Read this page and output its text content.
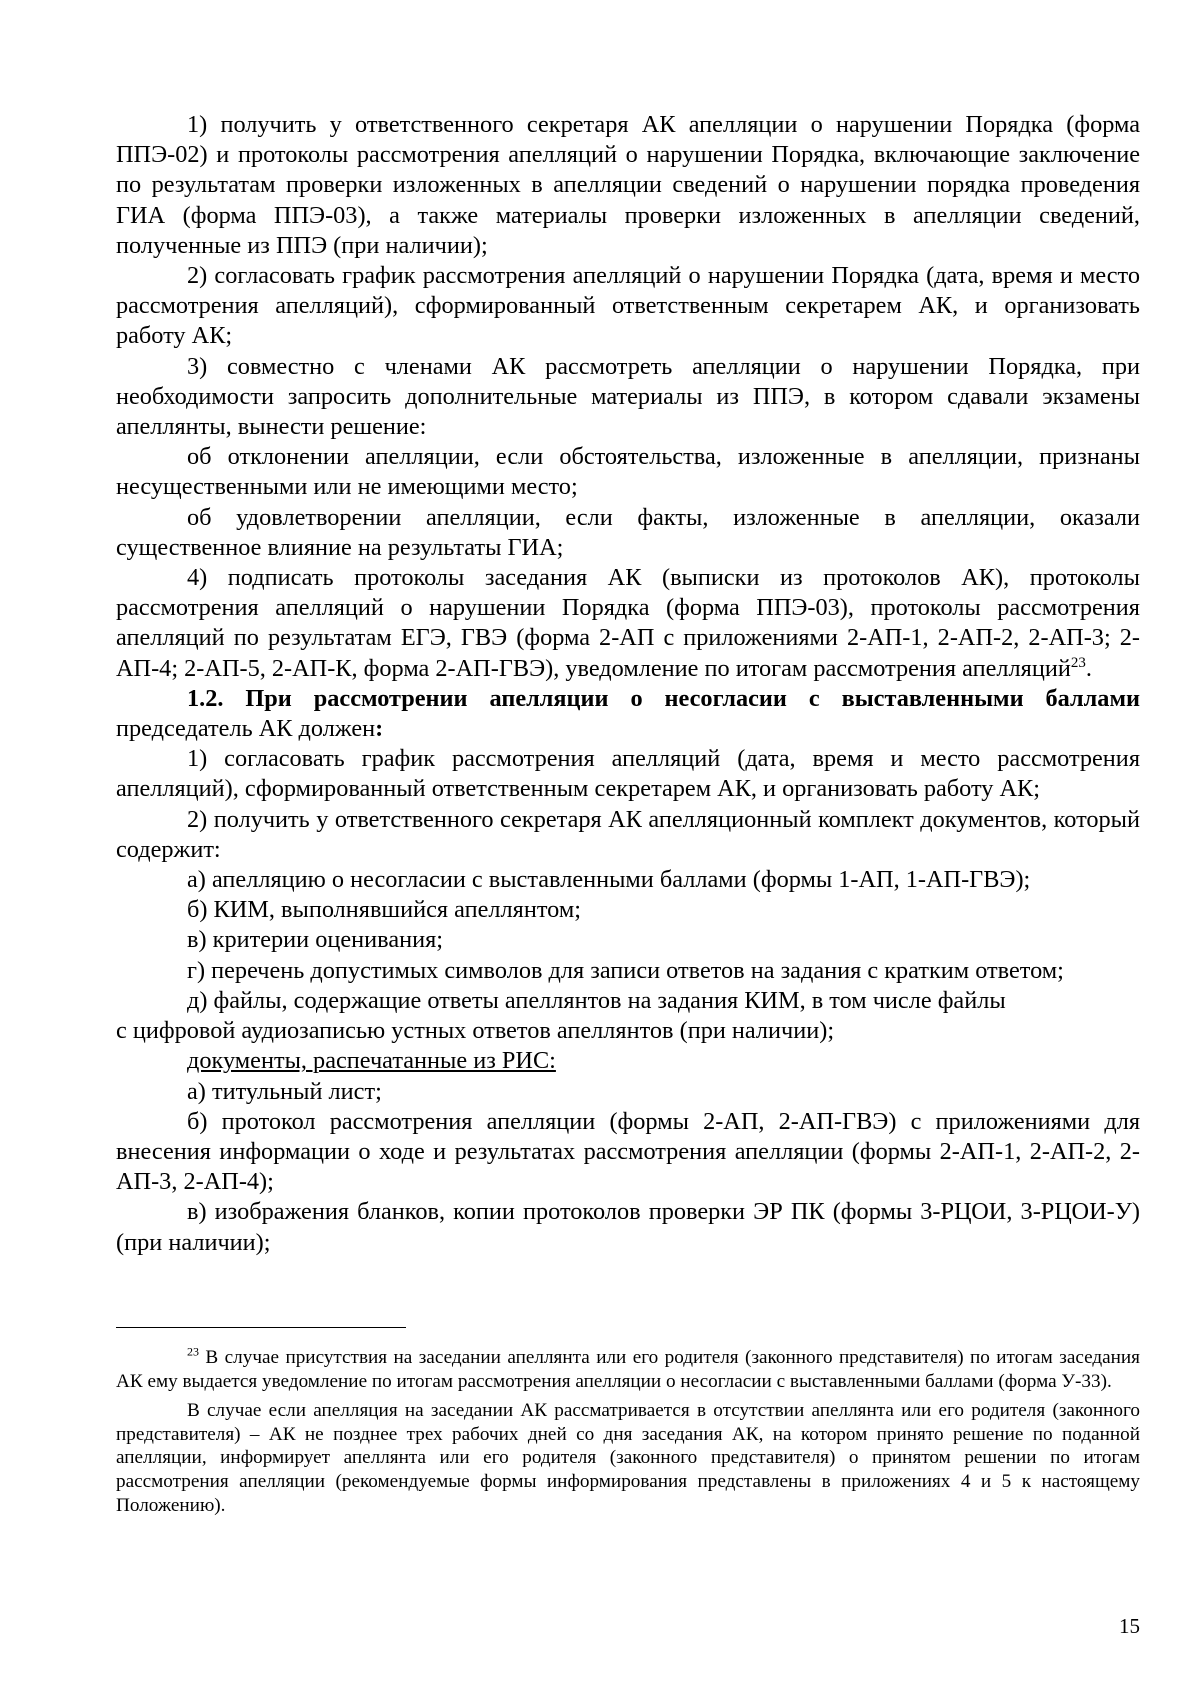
1) получить у ответственного секретаря АК апелляции о нарушении Порядка (форма ППЭ-02) и протоколы рассмотрения апелляций о нарушении Порядка, включающие заключение по результатам проверки изложенных в апелляции сведений о нарушении порядка проведения ГИА (форма ППЭ-03), а также материалы проверки изложенных в апелляции сведений, полученные из ППЭ (при наличии);

2) согласовать график рассмотрения апелляций о нарушении Порядка (дата, время и место рассмотрения апелляций), сформированный ответственным секретарем АК, и организовать работу АК;

3) совместно с членами АК рассмотреть апелляции о нарушении Порядка, при необходимости запросить дополнительные материалы из ППЭ, в котором сдавали экзамены апеллянты, вынести решение:

об отклонении апелляции, если обстоятельства, изложенные в апелляции, признаны несущественными или не имеющими место;

об удовлетворении апелляции, если факты, изложенные в апелляции, оказали существенное влияние на результаты ГИА;

4) подписать протоколы заседания АК (выписки из протоколов АК), протоколы рассмотрения апелляций о нарушении Порядка (форма ППЭ-03), протоколы рассмотрения апелляций по результатам ЕГЭ, ГВЭ (форма 2-АП с приложениями 2-АП-1, 2-АП-2, 2-АП-3; 2-АП-4; 2-АП-5, 2-АП-К, форма 2-АП-ГВЭ), уведомление по итогам рассмотрения апелляций$^{23}$.

1.2. При рассмотрении апелляции о несогласии с выставленными баллами председатель АК должен:

1) согласовать график рассмотрения апелляций (дата, время и место рассмотрения апелляций), сформированный ответственным секретарем АК, и организовать работу АК;

2) получить у ответственного секретаря АК апелляционный комплект документов, который содержит:

а) апелляцию о несогласии с выставленными баллами (формы 1-АП, 1-АП-ГВЭ);

б) КИМ, выполнявшийся апеллянтом;

в) критерии оценивания;

г) перечень допустимых символов для записи ответов на задания с кратким ответом;

д) файлы, содержащие ответы апеллянтов на задания КИМ, в том числе файлы

с цифровой аудиозаписью устных ответов апеллянтов (при наличии);

документы, распечатанные из РИС:

а) титульный лист;

б) протокол рассмотрения апелляции (формы 2-АП, 2-АП-ГВЭ) с приложениями для внесения информации о ходе и результатах рассмотрения апелляции (формы 2-АП-1, 2-АП-2, 2-АП-3, 2-АП-4);

в) изображения бланков, копии протоколов проверки ЭР ПК (формы 3-РЦОИ, 3-РЦОИ-У) (при наличии);

$^{23}$ В случае присутствия на заседании апеллянта или его родителя (законного представителя) по итогам заседания АК ему выдается уведомление по итогам рассмотрения апелляции о несогласии с выставленными баллами (форма У-33).

В случае если апелляция на заседании АК рассматривается в отсутствии апеллянта или его родителя (законного представителя) – АК не позднее трех рабочих дней со дня заседания АК, на котором принято решение по поданной апелляции, информирует апеллянта или его родителя (законного представителя) о принятом решении по итогам рассмотрения апелляции (рекомендуемые формы информирования представлены в приложениях 4 и 5 к настоящему Положению).

15
